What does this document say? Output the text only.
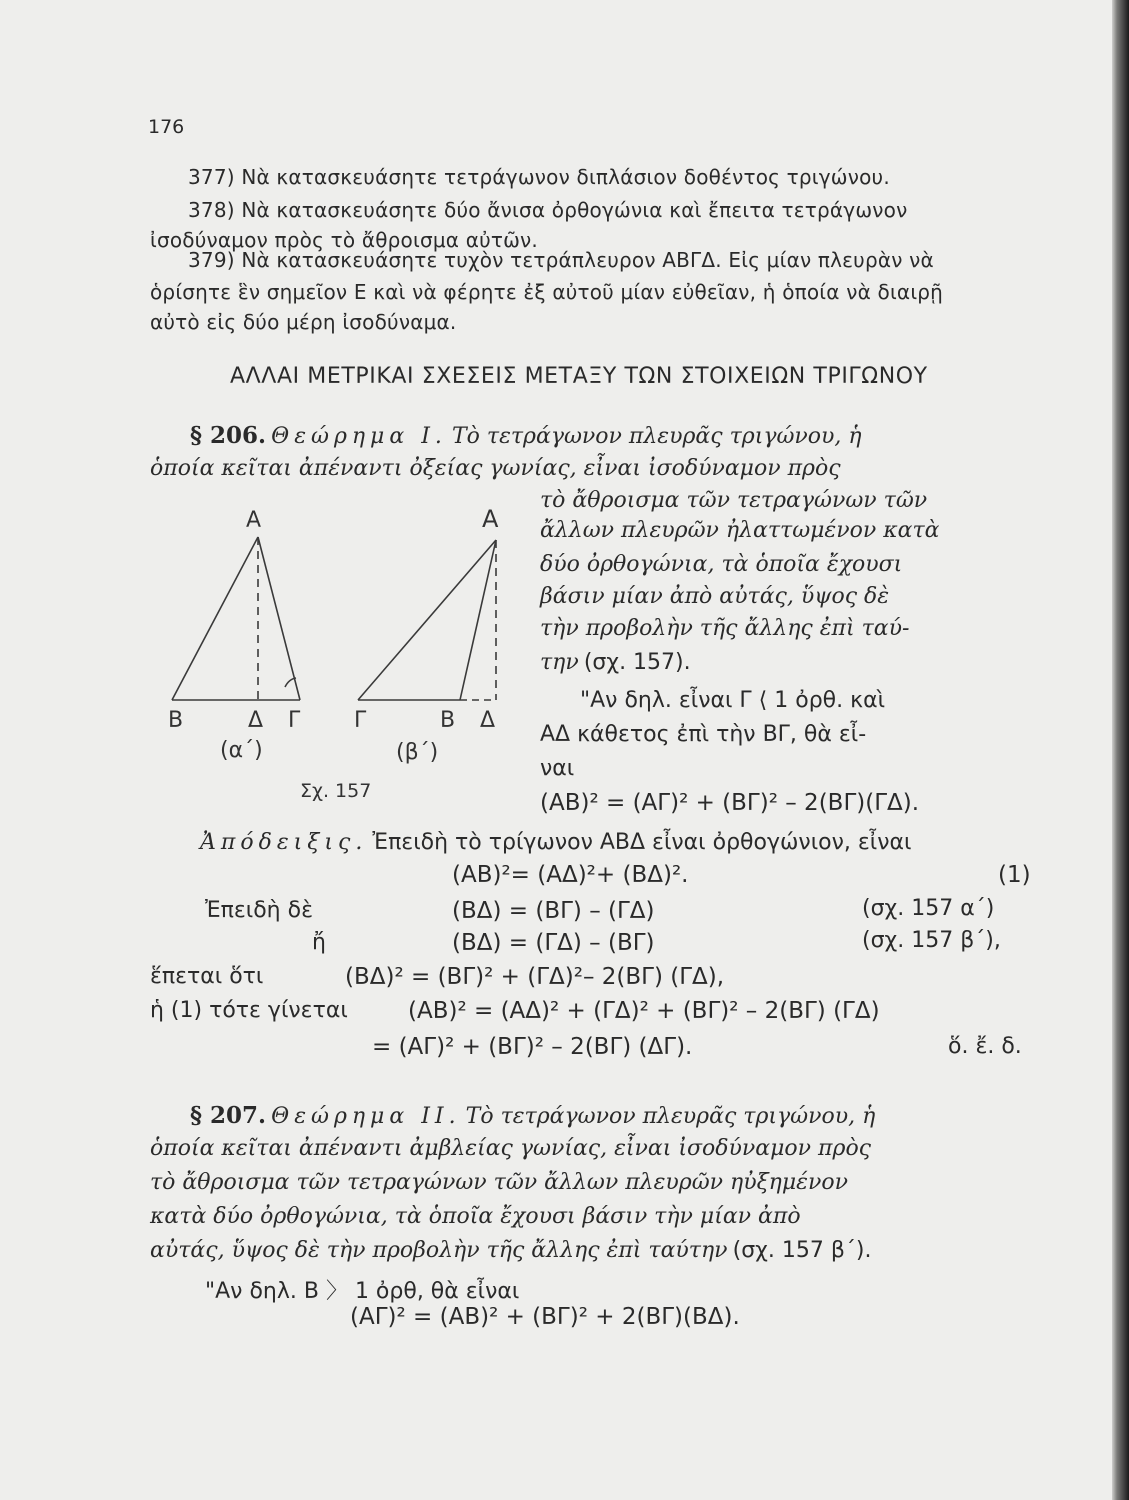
176
377) Νὰ κατασκευάσητε τετράγωνον διπλάσιον δοθέντος τριγώνου.
378) Νὰ κατασκευάσητε δύο ἄνισα ὀρθογώνια καὶ ἔπειτα τετράγωνον
ἰσοδύναμον πρὸς τὸ ἄθροισμα αὐτῶν.
379) Νὰ κατασκευάσητε τυχὸν τετράπλευρον ΑΒΓΔ. Εἰς μίαν πλευρὰν νὰ
ὁρίσητε ἓν σημεῖον Ε καὶ νὰ φέρητε ἐξ αὐτοῦ μίαν εὐθεῖαν, ἡ ὁποία νὰ διαιρῇ
αὐτὸ εἰς δύο μέρη ἰσοδύναμα.
ΑΛΛΑΙ ΜΕΤΡΙΚΑΙ ΣΧΕΣΕΙΣ ΜΕΤΑΞΥ ΤΩΝ ΣΤΟΙΧΕΙΩΝ ΤΡΙΓΩΝΟΥ
§ 206. Θεώρημα Ι. Τὸ τετράγωνον πλευρᾶς τριγώνου, ἡ
ὁποία κεῖται ἀπέναντι ὀξείας γωνίας, εἶναι ἰσοδύναμον πρὸς
τὸ ἄθροισμα τῶν τετραγώνων τῶν
ἄλλων πλευρῶν ἠλαττωμένον κατὰ
δύο ὀρθογώνια, τὰ ὁποῖα ἔχουσι
βάσιν μίαν ἀπὸ αὐτάς, ὕψος δὲ
τὴν προβολὴν τῆς ἄλλης ἐπὶ ταύ-
την (σχ. 157).
"Αν δηλ. εἶναι Γ ⟨ 1 ὀρθ. καὶ
ΑΔ κάθετος ἐπὶ τὴν ΒΓ, θὰ εἶ-
ναι
(ΑΒ)² = (ΑΓ)² + (ΒΓ)² – 2(ΒΓ)(ΓΔ).
Α
Β	Δ Γ
(α΄)
Α
Γ	Β Δ
(β΄)
Σχ. 157
Ἀπόδειξις. Ἐπειδὴ τὸ τρίγωνον ΑΒΔ εἶναι ὀρθογώνιον, εἶναι
(ΑΒ)²= (ΑΔ)²+ (ΒΔ)².	(1)
Ἐπειδὴ δὲ	(ΒΔ) = (ΒΓ) – (ΓΔ)	(σχ. 157 α΄)
ἤ	(ΒΔ) = (ΓΔ) – (ΒΓ)	(σχ. 157 β΄),
ἕπεται ὅτι	(ΒΔ)² = (ΒΓ)² + (ΓΔ)²– 2(ΒΓ) (ΓΔ),
ἡ (1) τότε γίνεται	(ΑΒ)² = (ΑΔ)² + (ΓΔ)² + (ΒΓ)² – 2(ΒΓ) (ΓΔ)
= (ΑΓ)² + (ΒΓ)² – 2(ΒΓ) (ΔΓ).	ὅ. ἔ. δ.
§ 207. Θεώρημα ΙΙ. Τὸ τετράγωνον πλευρᾶς τριγώνου, ἡ
ὁποία κεῖται ἀπέναντι ἀμβλείας γωνίας, εἶναι ἰσοδύναμον πρὸς
τὸ ἄθροισμα τῶν τετραγώνων τῶν ἄλλων πλευρῶν ηὐξημένον
κατὰ δύο ὀρθογώνια, τὰ ὁποῖα ἔχουσι βάσιν τὴν μίαν ἀπὸ
αὐτάς, ὕψος δὲ τὴν προβολὴν τῆς ἄλλης ἐπὶ ταύτην (σχ. 157 β΄).
"Αν δηλ. Β 〉 1 ὀρθ, θὰ εἶναι
(ΑΓ)² = (ΑΒ)² + (ΒΓ)² + 2(ΒΓ)(ΒΔ).
